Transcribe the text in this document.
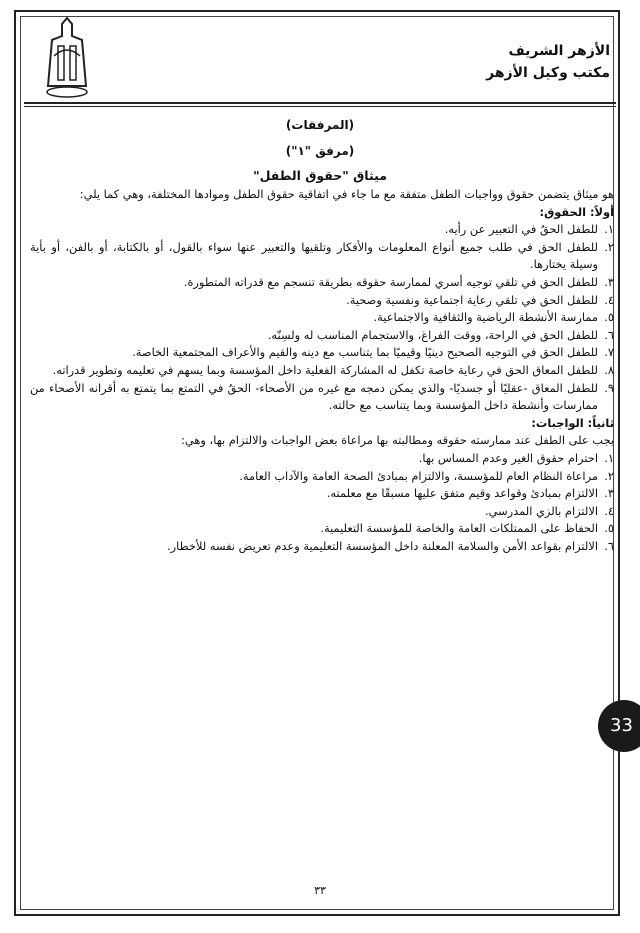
الأزهر الشريف
مكتب وكيل الأزهر
(المرفقات)
(مرفق "١")
ميثاق "حقوق الطفل"

هو ميثاق يتضمن حقوق وواجبات الطفل متفقة مع ما جاء في اتفاقية حقوق الطفل وموادها المختلفة، وهي كما يلي:

أولاً: الحقوق:

١.
للطفل الحقُ في التعبير عن رأيه.
٢.
للطفل الحق في طلب جميع أنواع المعلومات والأفكار وتلقيها والتعبير عنها سواء بالقول، أو بالكتابة، أو بالفن، أو بأية وسيلة يختارها.
٣.
للطفل الحق في تلقي توجيه أسري لممارسة حقوقه بطريقة تنسجم مع قدراته المتطورة.
٤.
للطفل الحق في تلقي رعاية اجتماعية ونفسية وصحية.
٥.
ممارسة الأنشطة الرياضية والثقافية والاجتماعية.
٦.
للطفل الحق في الراحة، ووقت الفراغ، والاستجمام المناسب له ولسِنّه.
٧.
للطفل الحق في التوجيه الصحيح دينيًا وقيميًا بما يتناسب مع دينه والقيم والأعراف المجتمعية الخاصة.
٨.
للطفل المعاق الحق في رعاية خاصة تكفل له المشاركة الفعلية داخل المؤسسة وبما يسهم في تعليمه وتطوير قدراته.
٩.
للطفل المعاق -عقليًا أو جسديًا- والذي يمكن دمجه مع غيره من الأصحاء- الحقُ في التمتع بما يتمتع به أقرانه الأصحاء من ممارسات وأنشطة داخل المؤسسة وبما يتناسب مع حالته.

ثانياً: الواجبات:

يجب على الطفل عند ممارسته حقوقه ومطالبته بها مراعاة بعض الواجبات والالتزام بها، وهي:

١.
احترام حقوق الغير وعدم المساس بها.
٢.
مراعاة النظام العام للمؤسسة، والالتزام بمبادئ الصحة العامة والآداب العامة.
٣.
الالتزام بمبادئ وقواعد وقيم متفق عليها مسبقًا مع معلمته.
٤.
الالتزام بالزي المدرسي.
٥.
الحفاظ على الممتلكات العامة والخاصة للمؤسسة التعليمية.
٦.
الالتزام بقواعد الأمن والسلامة المعلنة داخل المؤسسة التعليمية وعدم تعريض نفسه للأخطار.
٣٣
33
